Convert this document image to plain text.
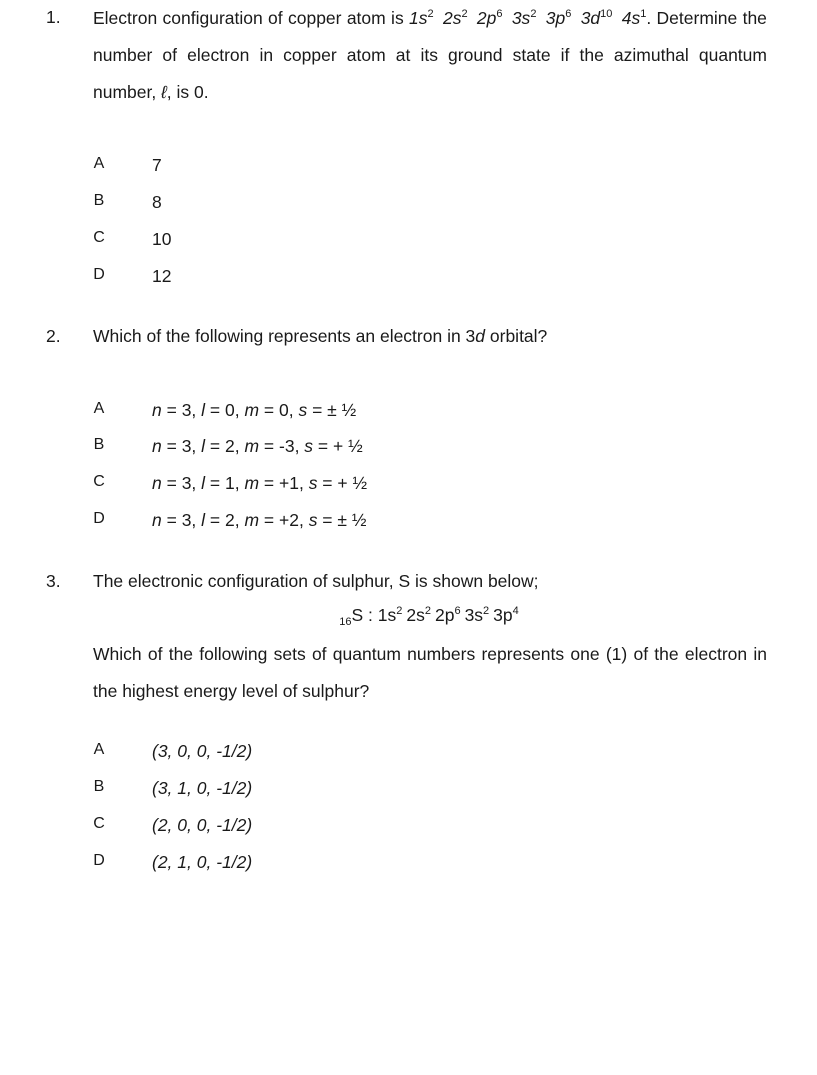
1. Electron configuration of copper atom is $1s^2$ $2s^2$ $2p^6$ $3s^2$ $3p^6$ $3d^{10}$ $4s^1$. Determine the number of electron in copper atom at its ground state if the azimuthal quantum number, ℓ, is 0.
A	7
B	8
C	10
D	12
2. Which of the following represents an electron in 3d orbital?
A	n = 3, l = 0, m = 0, s = ± ½
B	n = 3, l = 2, m = -3, s = + ½
C	n = 3, l = 1, m = +1, s = + ½
D	n = 3, l = 2, m = +2, s = ± ½
3. The electronic configuration of sulphur, S is shown below;
$_{16}$S : $1s^2$ $2s^2$ $2p^6$ $3s^2$ $3p^4$
Which of the following sets of quantum numbers represents one (1) of the electron in the highest energy level of sulphur?
A	(3, 0, 0, -1/2)
B	(3, 1, 0, -1/2)
C	(2, 0, 0, -1/2)
D	(2, 1, 0, -1/2)
